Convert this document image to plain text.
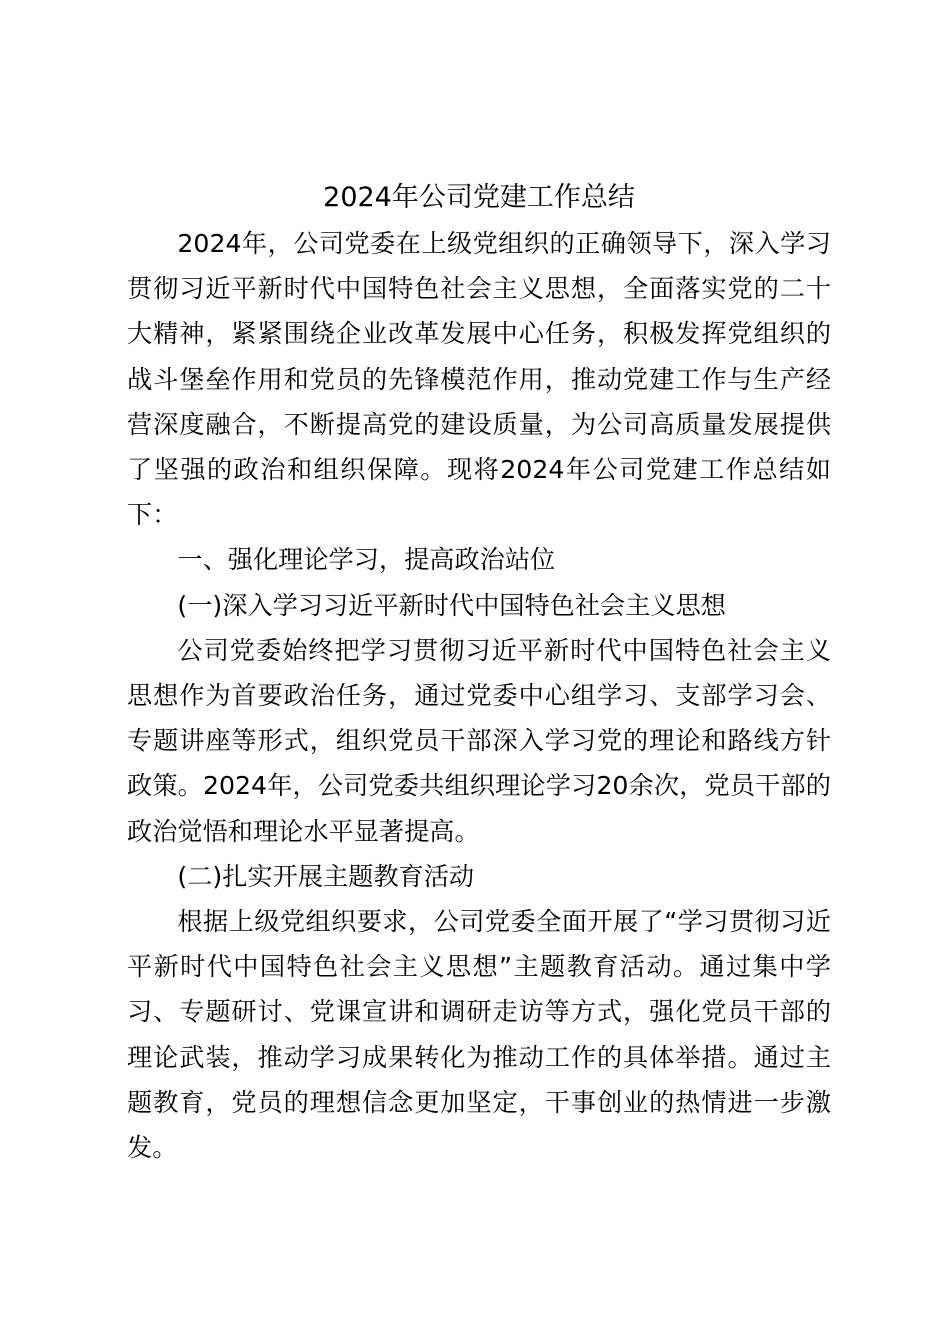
2024年公司党建工作总结

2024年，公司党委在上级党组织的正确领导下，深入学习贯彻习近平新时代中国特色社会主义思想，全面落实党的二十大精神，紧紧围绕企业改革发展中心任务，积极发挥党组织的战斗堡垒作用和党员的先锋模范作用，推动党建工作与生产经营深度融合，不断提高党的建设质量，为公司高质量发展提供了坚强的政治和组织保障。现将2024年公司党建工作总结如下：

一、强化理论学习，提高政治站位

(一)深入学习习近平新时代中国特色社会主义思想

公司党委始终把学习贯彻习近平新时代中国特色社会主义思想作为首要政治任务，通过党委中心组学习、支部学习会、专题讲座等形式，组织党员干部深入学习党的理论和路线方针政策。2024年，公司党委共组织理论学习20余次，党员干部的政治觉悟和理论水平显著提高。

(二)扎实开展主题教育活动

根据上级党组织要求，公司党委全面开展了“学习贯彻习近平新时代中国特色社会主义思想”主题教育活动。通过集中学习、专题研讨、党课宣讲和调研走访等方式，强化党员干部的理论武装，推动学习成果转化为推动工作的具体举措。通过主题教育，党员的理想信念更加坚定，干事创业的热情进一步激发。
